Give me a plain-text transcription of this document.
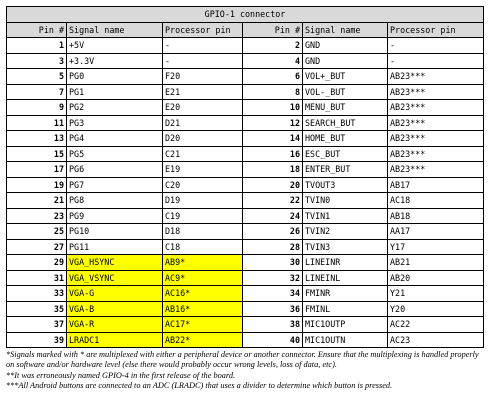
GPIO-1 connector					
Pin #	Signal name	Processor pin	Pin #	Signal name	Processor pin
1	+5V	-	2	GND	-
3	+3.3V	-	4	GND	-
5	PG0	F20	6	VOL+_BUT	AB23***
7	PG1	E21	8	VOL-_BUT	AB23***
9	PG2	E20	10	MENU_BUT	AB23***
11	PG3	D21	12	SEARCH_BUT	AB23***
13	PG4	D20	14	HOME_BUT	AB23***
15	PG5	C21	16	ESC_BUT	AB23***
17	PG6	E19	18	ENTER_BUT	AB23***
19	PG7	C20	20	TVOUT3	AB17
21	PG8	D19	22	TVIN0	AC18
23	PG9	C19	24	TVIN1	AB18
25	PG10	D18	26	TVIN2	AA17
27	PG11	C18	28	TVIN3	Y17
29	VGA_HSYNC	AB9*	30	LINEINR	AB21
31	VGA_VSYNC	AC9*	32	LINEINL	AB20
33	VGA-G	AC16*	34	FMINR	Y21
35	VGA-B	AB16*	36	FMINL	Y20
37	VGA-R	AC17*	38	MIC1OUTP	AC22
39	LRADC1	AB22*	40	MIC1OUTN	AC23

*Signals marked with * are multiplexed with either a peripheral device or another connector. Ensure that the multiplexing is handled properly on software and/or hardware level (else there would probably occur wrong levels, loss of data, etc).

**It was erroneously named GPIO-4 in the first release of the board.

***All Android buttons are connected to an ADC (LRADC) that uses a divider to determine which button is pressed.
